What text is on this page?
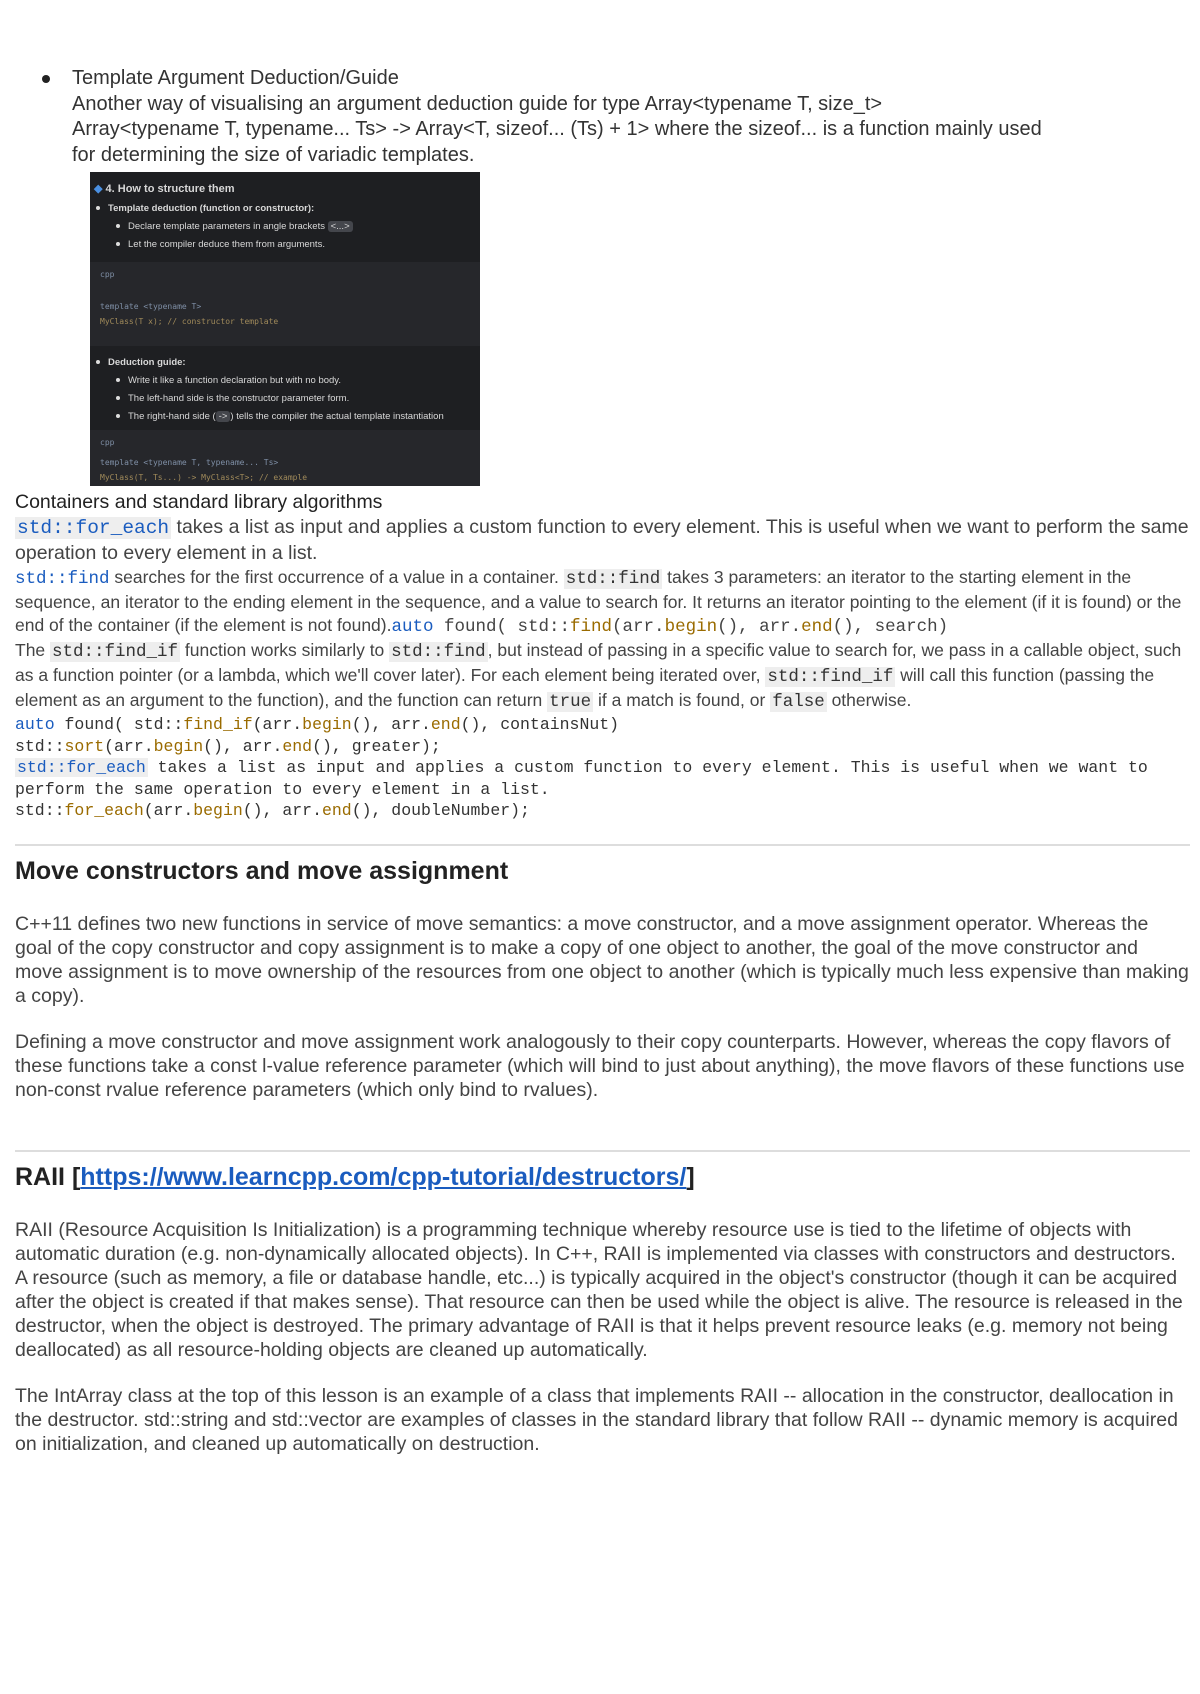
Template Argument Deduction/Guide
Another way of visualising an argument deduction guide for type Array<typename T, size_t>
Array<typename T, typename... Ts> -> Array<T, sizeof... (Ts) + 1> where the sizeof... is a function mainly used
for determining the size of variadic templates.
◆ 4. How to structure them
Template deduction (function or constructor):
Declare template parameters in angle brackets <...>
Let the compiler deduce them from arguments.
cpp
template <typename T>
MyClass(T x); // constructor template
Deduction guide:
Write it like a function declaration but with no body.
The left-hand side is the constructor parameter form.
The right-hand side ( -> ) tells the compiler the actual template instantiation
cpp
template <typename T, typename... Ts>
MyClass(T, Ts...) -> MyClass<T>; // example
Containers and standard library algorithms
std::for_each takes a list as input and applies a custom function to every element. This is useful when we want to perform the same operation to every element in a list.
std::find searches for the first occurrence of a value in a container. std::find takes 3 parameters: an iterator to the starting element in the sequence, an iterator to the ending element in the sequence, and a value to search for. It returns an iterator pointing to the element (if it is found) or the end of the container (if the element is not found).auto found( std::find(arr.begin(), arr.end(), search)
The std::find_if function works similarly to std::find , but instead of passing in a specific value to search for, we pass in a callable object, such as a function pointer (or a lambda, which we'll cover later). For each element being iterated over, std::find_if will call this function (passing the element as an argument to the function), and the function can return true if a match is found, or false otherwise.
auto found( std::find_if(arr.begin(), arr.end(), containsNut)
std::sort(arr.begin(), arr.end(), greater);
std::for_each takes a list as input and applies a custom function to every element. This is useful when we want to perform the same operation to every element in a list.
std::for_each(arr.begin(), arr.end(), doubleNumber);
Move constructors and move assignment

C++11 defines two new functions in service of move semantics: a move constructor, and a move assignment operator. Whereas the goal of the copy constructor and copy assignment is to make a copy of one object to another, the goal of the move constructor and move assignment is to move ownership of the resources from one object to another (which is typically much less expensive than making a copy).

Defining a move constructor and move assignment work analogously to their copy counterparts. However, whereas the copy flavors of these functions take a const l-value reference parameter (which will bind to just about anything), the move flavors of these functions use non-const rvalue reference parameters (which only bind to rvalues).

RAII [https://www.learncpp.com/cpp-tutorial/destructors/]

RAII (Resource Acquisition Is Initialization) is a programming technique whereby resource use is tied to the lifetime of objects with automatic duration (e.g. non-dynamically allocated objects). In C++, RAII is implemented via classes with constructors and destructors. A resource (such as memory, a file or database handle, etc...) is typically acquired in the object's constructor (though it can be acquired after the object is created if that makes sense). That resource can then be used while the object is alive. The resource is released in the destructor, when the object is destroyed. The primary advantage of RAII is that it helps prevent resource leaks (e.g. memory not being deallocated) as all resource-holding objects are cleaned up automatically.

The IntArray class at the top of this lesson is an example of a class that implements RAII -- allocation in the constructor, deallocation in the destructor. std::string and std::vector are examples of classes in the standard library that follow RAII -- dynamic memory is acquired on initialization, and cleaned up automatically on destruction.
